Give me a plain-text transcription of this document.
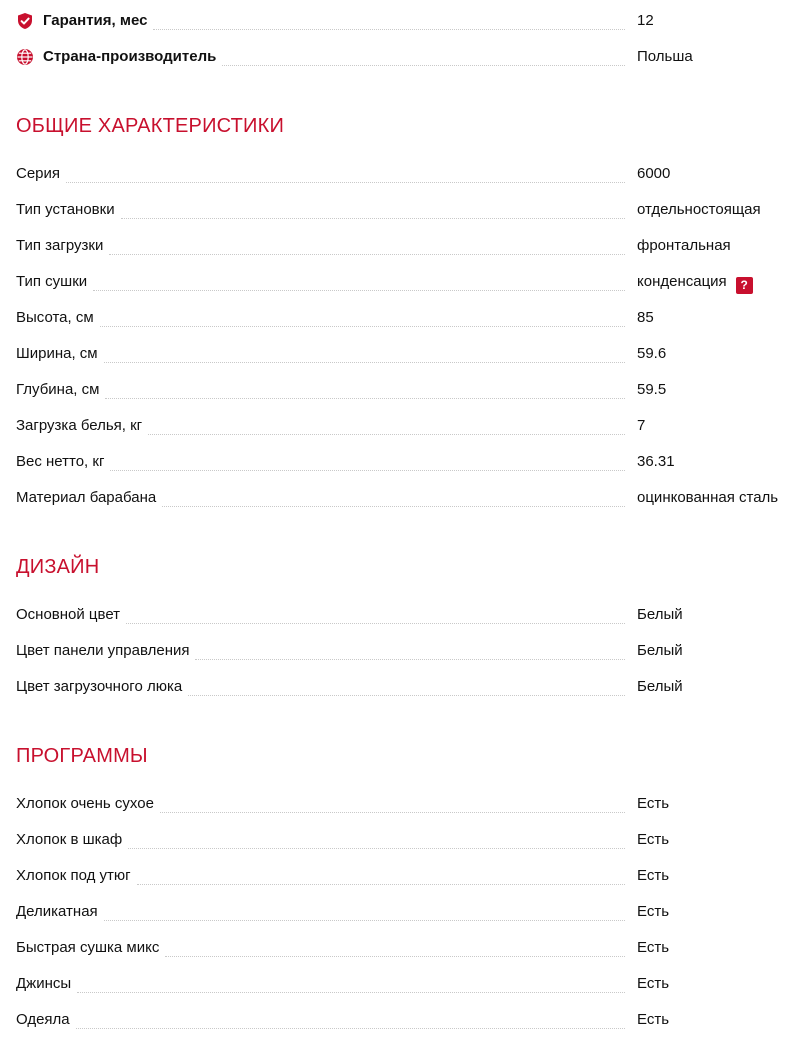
Гарантия, мес	12
Страна-производитель	Польша
ОБЩИЕ ХАРАКТЕРИСТИКИ
Серия	6000
Тип установки	отдельностоящая
Тип загрузки	фронтальная
Тип сушки	конденсация ?
Высота, см	85
Ширина, см	59.6
Глубина, см	59.5
Загрузка белья, кг	7
Вес нетто, кг	36.31
Материал барабана	оцинкованная сталь
ДИЗАЙН
Основной цвет	Белый
Цвет панели управления	Белый
Цвет загрузочного люка	Белый
ПРОГРАММЫ
Хлопок очень сухое	Есть
Хлопок в шкаф	Есть
Хлопок под утюг	Есть
Деликатная	Есть
Быстрая сушка микс	Есть
Джинсы	Есть
Одеяла	Есть
